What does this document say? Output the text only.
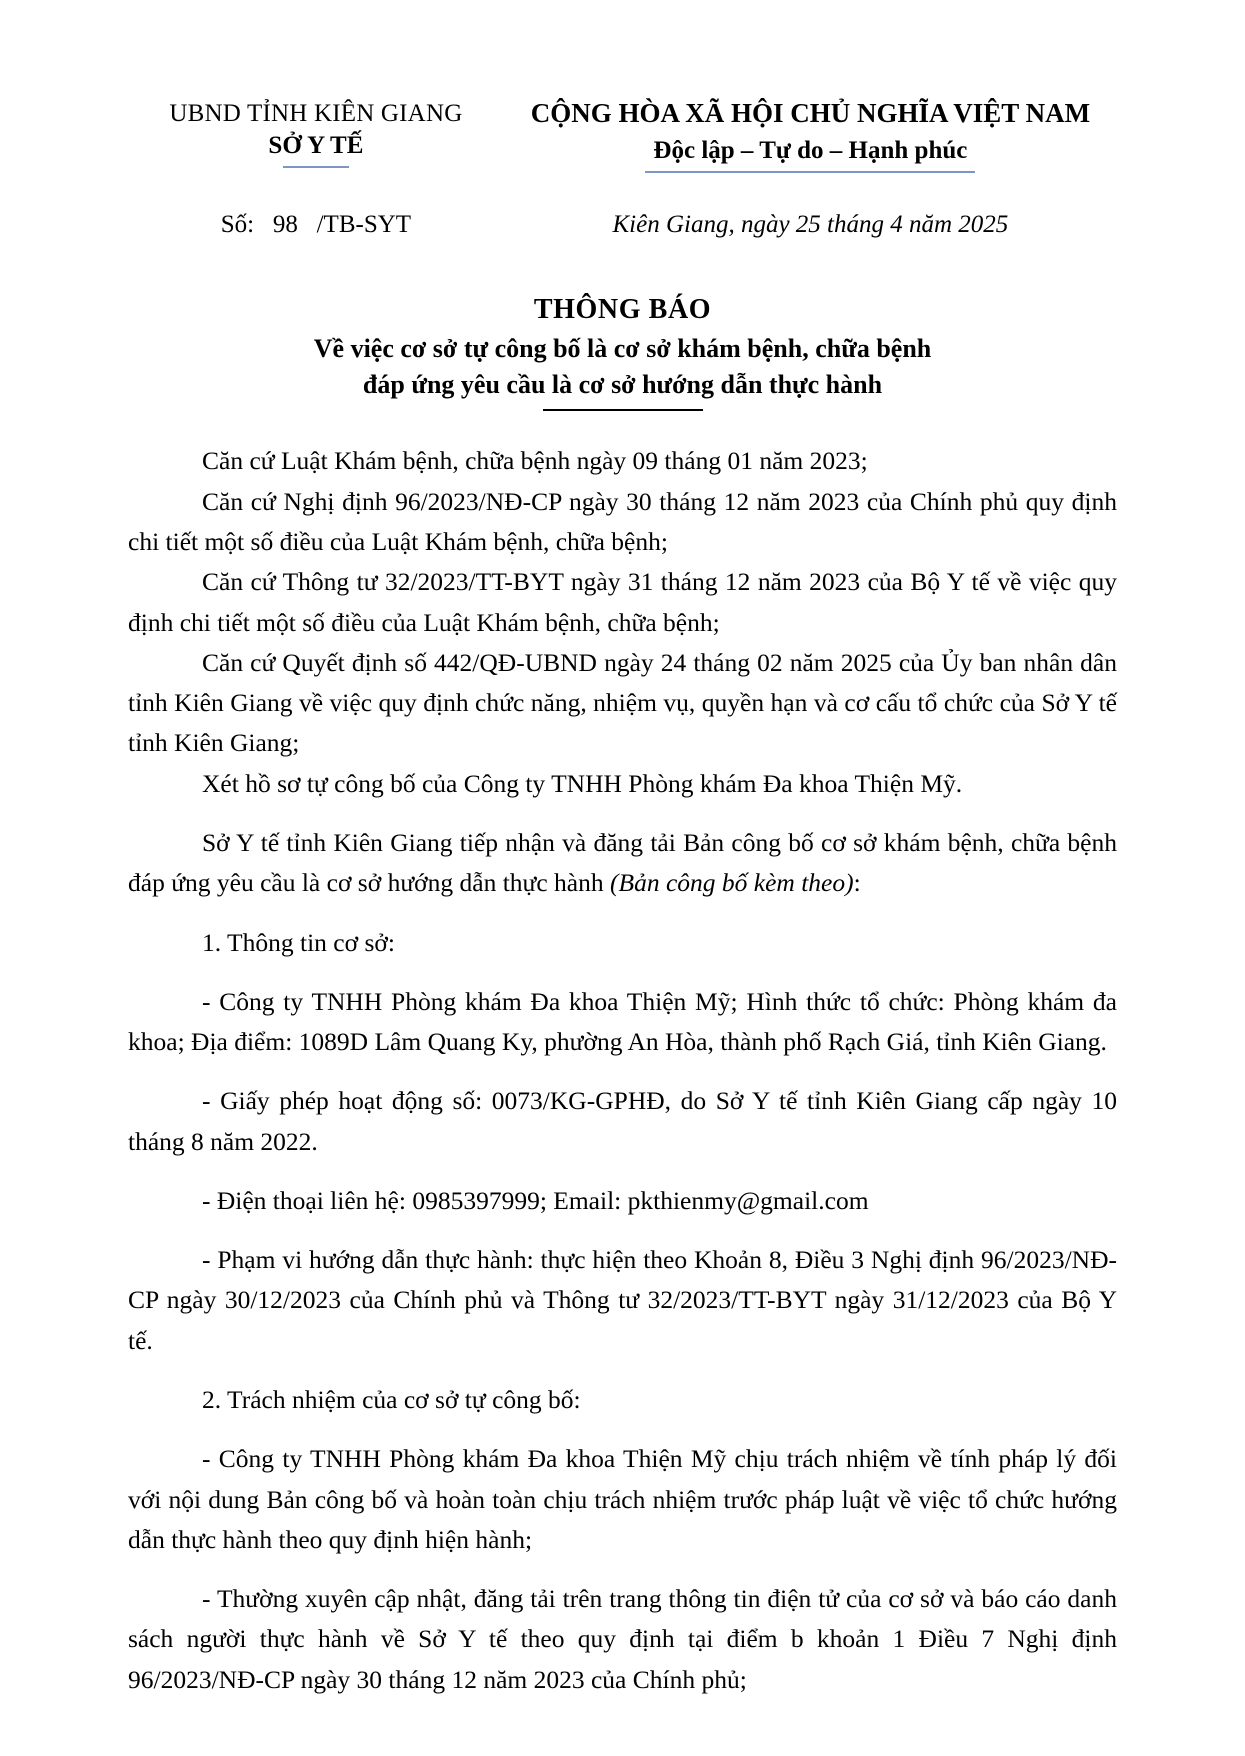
UBND TỈNH KIÊN GIANG
SỞ Y TẾ
CỘNG HÒA XÃ HỘI CHỦ NGHĨA VIỆT NAM
Độc lập – Tự do – Hạnh phúc
Số:   98   /TB-SYT	Kiên Giang, ngày 25 tháng 4 năm 2025
THÔNG BÁO
Về việc cơ sở tự công bố là cơ sở khám bệnh, chữa bệnh
đáp ứng yêu cầu là cơ sở hướng dẫn thực hành

Căn cứ Luật Khám bệnh, chữa bệnh ngày 09 tháng 01 năm 2023;

Căn cứ Nghị định 96/2023/NĐ-CP ngày 30 tháng 12 năm 2023 của Chính phủ quy định chi tiết một số điều của Luật Khám bệnh, chữa bệnh;

Căn cứ Thông tư 32/2023/TT-BYT ngày 31 tháng 12 năm 2023 của Bộ Y tế về việc quy định chi tiết một số điều của Luật Khám bệnh, chữa bệnh;

Căn cứ Quyết định số 442/QĐ-UBND ngày 24 tháng 02 năm 2025 của Ủy ban nhân dân tỉnh Kiên Giang về việc quy định chức năng, nhiệm vụ, quyền hạn và cơ cấu tổ chức của Sở Y tế tỉnh Kiên Giang;

Xét hồ sơ tự công bố của Công ty TNHH Phòng khám Đa khoa Thiện Mỹ.

Sở Y tế tỉnh Kiên Giang tiếp nhận và đăng tải Bản công bố cơ sở khám bệnh, chữa bệnh đáp ứng yêu cầu là cơ sở hướng dẫn thực hành (Bản công bố kèm theo):

1. Thông tin cơ sở:

- Công ty TNHH Phòng khám Đa khoa Thiện Mỹ; Hình thức tổ chức: Phòng khám đa khoa; Địa điểm: 1089D Lâm Quang Ky, phường An Hòa, thành phố Rạch Giá, tỉnh Kiên Giang.

- Giấy phép hoạt động số: 0073/KG-GPHĐ, do Sở Y tế tỉnh Kiên Giang cấp ngày 10 tháng 8 năm 2022.

- Điện thoại liên hệ: 0985397999; Email: pkthienmy@gmail.com

- Phạm vi hướng dẫn thực hành: thực hiện theo Khoản 8, Điều 3 Nghị định 96/2023/NĐ-CP ngày 30/12/2023 của Chính phủ và Thông tư 32/2023/TT-BYT ngày 31/12/2023 của Bộ Y tế.

2. Trách nhiệm của cơ sở tự công bố:

- Công ty TNHH Phòng khám Đa khoa Thiện Mỹ chịu trách nhiệm về tính pháp lý đối với nội dung Bản công bố và hoàn toàn chịu trách nhiệm trước pháp luật về việc tổ chức hướng dẫn thực hành theo quy định hiện hành;

- Thường xuyên cập nhật, đăng tải trên trang thông tin điện tử của cơ sở và báo cáo danh sách người thực hành về Sở Y tế theo quy định tại điểm b khoản 1 Điều 7 Nghị định 96/2023/NĐ-CP ngày 30 tháng 12 năm 2023 của Chính phủ;
